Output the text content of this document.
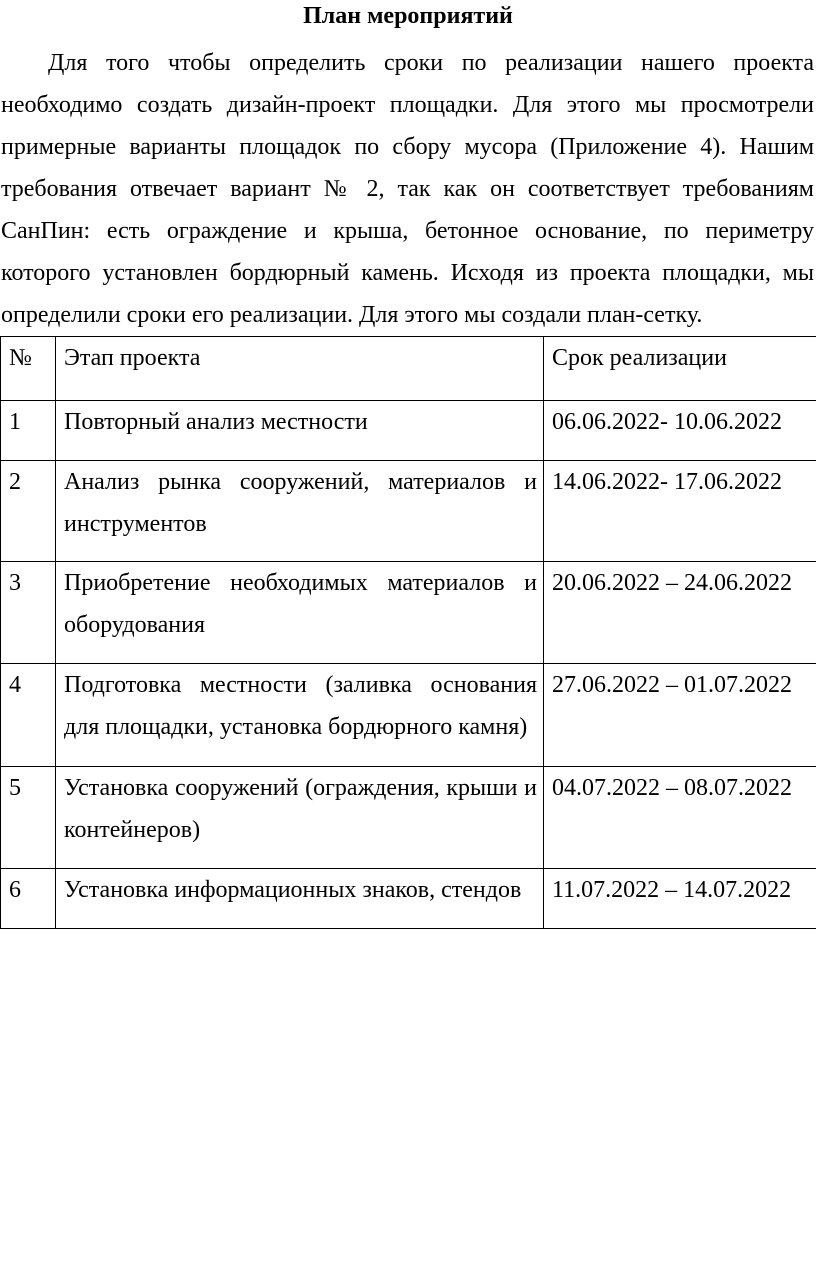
План мероприятий

Для того чтобы определить сроки по реализации нашего проекта необходимо создать дизайн-проект площадки. Для этого мы просмотрели примерные варианты площадок по сбору мусора (Приложение 4). Нашим требования отвечает вариант № 2, так как он соответствует требованиям СанПин: есть ограждение и крыша, бетонное основание, по периметру которого установлен бордюрный камень. Исходя из проекта площадки, мы определили сроки его реализации. Для этого мы создали план-сетку.

№	Этап проекта	Срок реализации
1	Повторный анализ местности	06.06.2022- 10.06.2022
2	Анализ рынка сооружений, материалов и инструментов	14.06.2022- 17.06.2022
3	Приобретение необходимых материалов и оборудования	20.06.2022 – 24.06.2022
4	Подготовка местности (заливка основания для площадки, установка бордюрного камня)	27.06.2022 – 01.07.2022
5	Установка сооружений (ограждения, крыши и контейнеров)	04.07.2022 – 08.07.2022
6	Установка информационных знаков, стендов	11.07.2022 – 14.07.2022
